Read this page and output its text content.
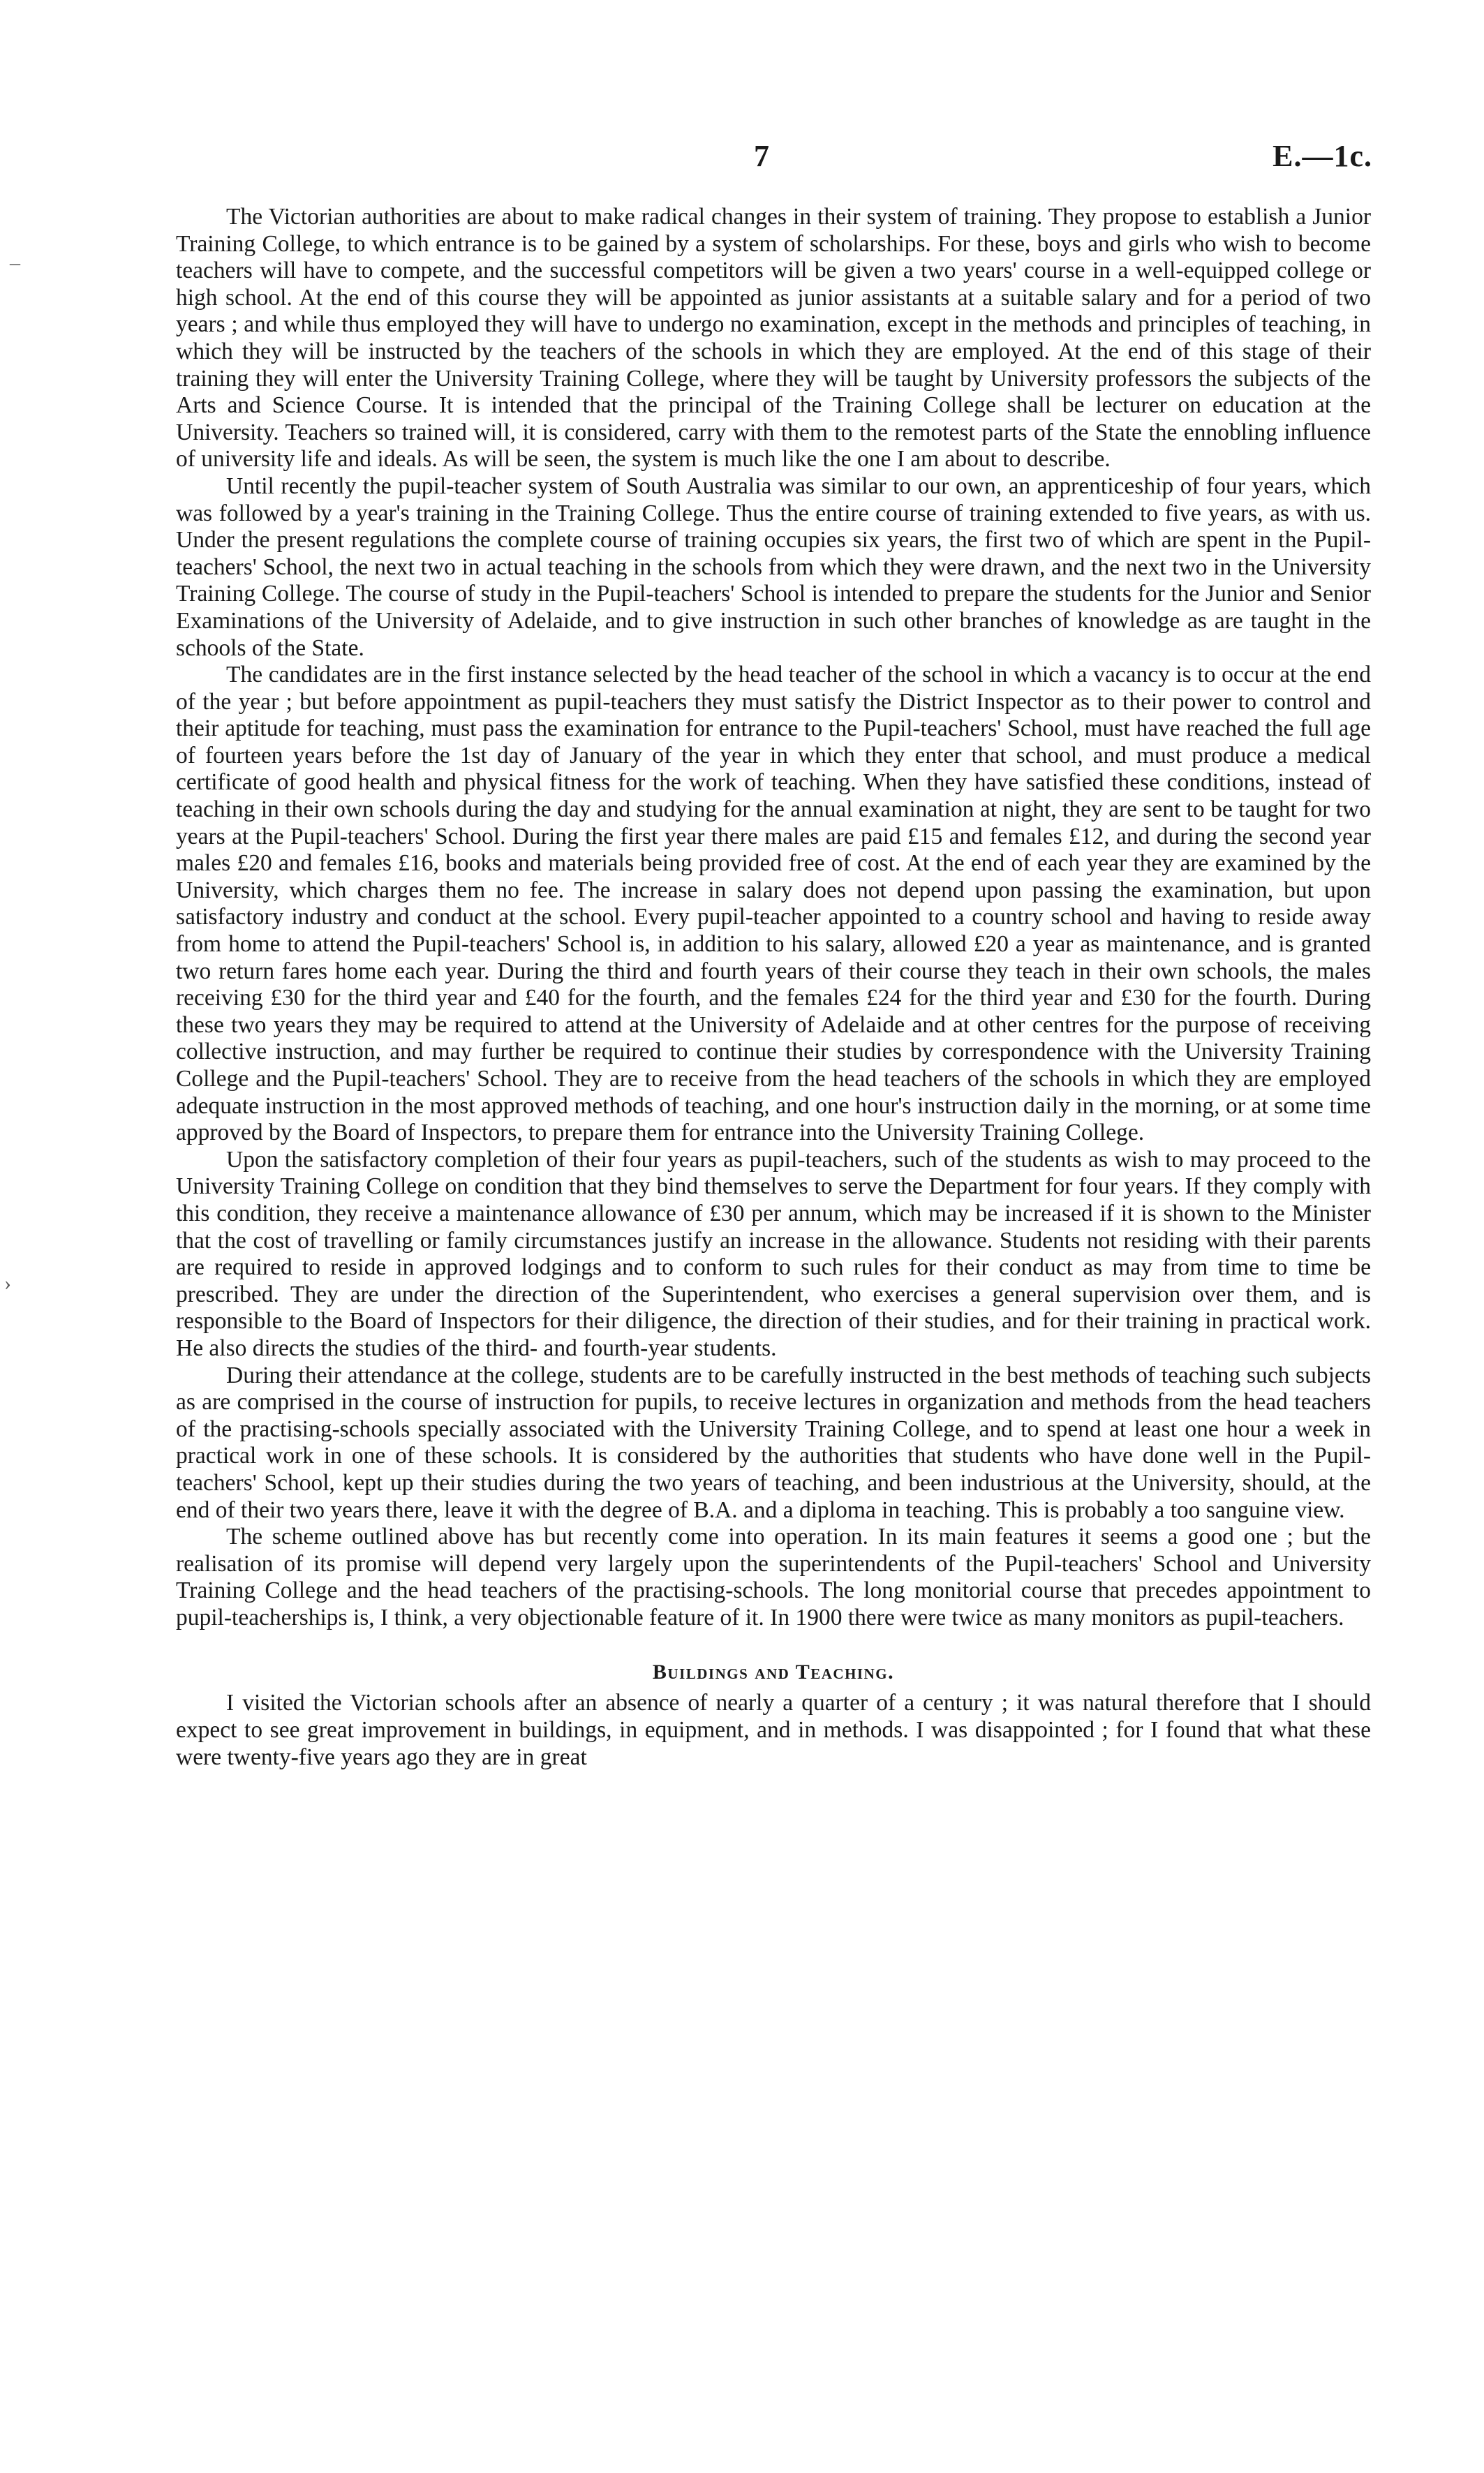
–
›
7	E.—1c.

The Victorian authorities are about to make radical changes in their system of training. They propose to establish a Junior Training College, to which entrance is to be gained by a system of scholarships. For these, boys and girls who wish to become teachers will have to compete, and the successful competitors will be given a two years' course in a well-equipped college or high school. At the end of this course they will be appointed as junior assistants at a suitable salary and for a period of two years ; and while thus employed they will have to undergo no examination, except in the methods and principles of teaching, in which they will be instructed by the teachers of the schools in which they are employed. At the end of this stage of their training they will enter the University Training College, where they will be taught by University professors the subjects of the Arts and Science Course. It is intended that the principal of the Training College shall be lecturer on education at the University. Teachers so trained will, it is considered, carry with them to the remotest parts of the State the ennobling influence of university life and ideals. As will be seen, the system is much like the one I am about to describe.

Until recently the pupil-teacher system of South Australia was similar to our own, an apprenticeship of four years, which was followed by a year's training in the Training College. Thus the entire course of training extended to five years, as with us. Under the present regulations the complete course of training occupies six years, the first two of which are spent in the Pupil-teachers' School, the next two in actual teaching in the schools from which they were drawn, and the next two in the University Training College. The course of study in the Pupil-teachers' School is intended to prepare the students for the Junior and Senior Examinations of the University of Adelaide, and to give instruction in such other branches of knowledge as are taught in the schools of the State.

The candidates are in the first instance selected by the head teacher of the school in which a vacancy is to occur at the end of the year ; but before appointment as pupil-teachers they must satisfy the District Inspector as to their power to control and their aptitude for teaching, must pass the examination for entrance to the Pupil-teachers' School, must have reached the full age of fourteen years before the 1st day of January of the year in which they enter that school, and must produce a medical certificate of good health and physical fitness for the work of teaching. When they have satisfied these conditions, instead of teaching in their own schools during the day and studying for the annual examination at night, they are sent to be taught for two years at the Pupil-teachers' School. During the first year there males are paid £15 and females £12, and during the second year males £20 and females £16, books and materials being provided free of cost. At the end of each year they are examined by the University, which charges them no fee. The increase in salary does not depend upon passing the examination, but upon satisfactory industry and conduct at the school. Every pupil-teacher appointed to a country school and having to reside away from home to attend the Pupil-teachers' School is, in addition to his salary, allowed £20 a year as maintenance, and is granted two return fares home each year. During the third and fourth years of their course they teach in their own schools, the males receiving £30 for the third year and £40 for the fourth, and the females £24 for the third year and £30 for the fourth. During these two years they may be required to attend at the University of Adelaide and at other centres for the purpose of receiving collective instruction, and may further be required to continue their studies by correspondence with the University Training College and the Pupil-teachers' School. They are to receive from the head teachers of the schools in which they are employed adequate instruction in the most approved methods of teaching, and one hour's instruction daily in the morning, or at some time approved by the Board of Inspectors, to prepare them for entrance into the University Training College.

Upon the satisfactory completion of their four years as pupil-teachers, such of the students as wish to may proceed to the University Training College on condition that they bind themselves to serve the Department for four years. If they comply with this condition, they receive a maintenance allowance of £30 per annum, which may be increased if it is shown to the Minister that the cost of travelling or family circumstances justify an increase in the allowance. Students not residing with their parents are required to reside in approved lodgings and to conform to such rules for their conduct as may from time to time be prescribed. They are under the direction of the Superintendent, who exercises a general supervision over them, and is responsible to the Board of Inspectors for their diligence, the direction of their studies, and for their training in practical work. He also directs the studies of the third- and fourth-year students.

During their attendance at the college, students are to be carefully instructed in the best methods of teaching such subjects as are comprised in the course of instruction for pupils, to receive lectures in organization and methods from the head teachers of the practising-schools specially associated with the University Training College, and to spend at least one hour a week in practical work in one of these schools. It is considered by the authorities that students who have done well in the Pupil-teachers' School, kept up their studies during the two years of teaching, and been industrious at the University, should, at the end of their two years there, leave it with the degree of B.A. and a diploma in teaching. This is probably a too sanguine view.

The scheme outlined above has but recently come into operation. In its main features it seems a good one ; but the realisation of its promise will depend very largely upon the superintendents of the Pupil-teachers' School and University Training College and the head teachers of the practising-schools. The long monitorial course that precedes appointment to pupil-teacherships is, I think, a very objectionable feature of it. In 1900 there were twice as many monitors as pupil-teachers.

Buildings and Teaching.

I visited the Victorian schools after an absence of nearly a quarter of a century ; it was natural therefore that I should expect to see great improvement in buildings, in equipment, and in methods. I was disappointed ; for I found that what these were twenty-five years ago they are in great
